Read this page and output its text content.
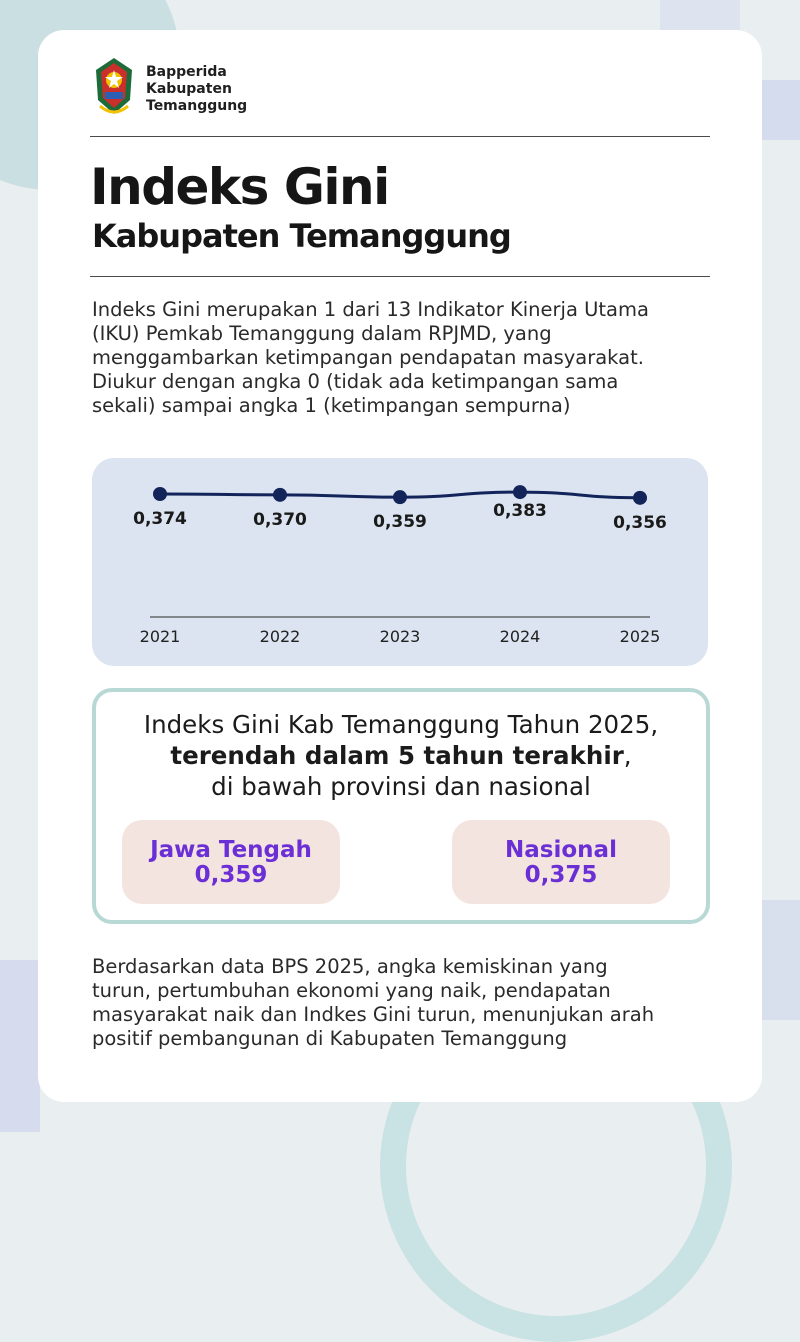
Bapperida
Kabupaten
Temanggung
Indeks Gini
Kabupaten Temanggung
Indeks Gini merupakan 1 dari 13 Indikator Kinerja Utama
(IKU) Pemkab Temanggung dalam RPJMD, yang
menggambarkan ketimpangan pendapatan masyarakat.
Diukur dengan angka 0 (tidak ada ketimpangan sama
sekali) sampai angka 1 (ketimpangan sempurna)
0,374
2021
0,370
2022
0,359
2023
0,383
2024
0,356
2025
Indeks Gini Kab Temanggung Tahun 2025,
terendah dalam 5 tahun terakhir,
di bawah provinsi dan nasional
Jawa Tengah
0,359
Nasional
0,375
Berdasarkan data BPS 2025, angka kemiskinan yang
turun, pertumbuhan ekonomi yang naik, pendapatan
masyarakat naik dan Indkes Gini turun, menunjukan arah
positif pembangunan di Kabupaten Temanggung
